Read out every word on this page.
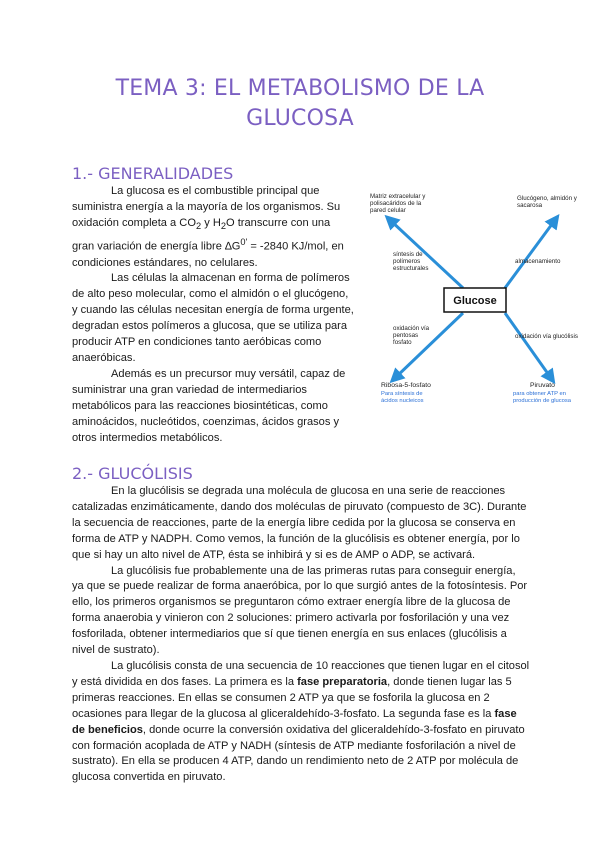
TEMA 3: EL METABOLISMO DE LA
GLUCOSA
1.- GENERALIDADES

La glucosa es el combustible principal que suministra energía a la mayoría de los organismos. Su oxidación completa a $CO_2$ y $H_2O$ transcurre con una gran variación de energía libre $\Delta G^{0'} = -2840$ KJ/mol, en condiciones estándares, no celulares.

Las células la almacenan en forma de polímeros de alto peso molecular, como el almidón o el glucógeno, y cuando las células necesitan energía de forma urgente, degradan estos polímeros a glucosa, que se utiliza para producir ATP en condiciones tanto aeróbicas como anaeróbicas.

Además es un precursor muy versátil, capaz de suministrar una gran variedad de intermediarios metabólicos para las reacciones biosintéticas, como aminoácidos, nucleótidos, coenzimas, ácidos grasos y otros intermedios metabólicos.

Glucose
Matriz extracelular y
polisacáridos de la
pared celular
Glucógeno, almidón y
sacarosa
síntesis de
polímeros
estructurales
almacenamiento
oxidación vía
pentosas
fosfato
oxidación vía glucólisis
Ribosa-5-fosfato
Para síntesis de
ácidos nucleicos
Piruvato
para obtener ATP en
producción de glucosa
2.- GLUCÓLISIS

En la glucólisis se degrada una molécula de glucosa en una serie de reacciones catalizadas enzimáticamente, dando dos moléculas de piruvato (compuesto de 3C). Durante la secuencia de reacciones, parte de la energía libre cedida por la glucosa se conserva en forma de ATP y NADPH. Como vemos, la función de la glucólisis es obtener energía, por lo que si hay un alto nivel de ATP, ésta se inhibirá y si es de AMP o ADP, se activará.

La glucólisis fue probablemente una de las primeras rutas para conseguir energía, ya que se puede realizar de forma anaeróbica, por lo que surgió antes de la fotosíntesis. Por ello, los primeros organismos se preguntaron cómo extraer energía libre de la glucosa de forma anaerobia y vinieron con 2 soluciones: primero activarla por fosforilación y una vez fosforilada, obtener intermediarios que sí que tienen energía en sus enlaces (glucólisis a nivel de sustrato).

La glucólisis consta de una secuencia de 10 reacciones que tienen lugar en el citosol y está dividida en dos fases. La primera es la fase preparatoria, donde tienen lugar las 5 primeras reacciones. En ellas se consumen 2 ATP ya que se fosforila la glucosa en 2 ocasiones para llegar de la glucosa al gliceraldehído-3-fosfato. La segunda fase es la fase de beneficios, donde ocurre la conversión oxidativa del gliceraldehído-3-fosfato en piruvato con formación acoplada de ATP y NADH (síntesis de ATP mediante fosforilación a nivel de sustrato). En ella se producen 4 ATP, dando un rendimiento neto de 2 ATP por molécula de glucosa convertida en piruvato.
